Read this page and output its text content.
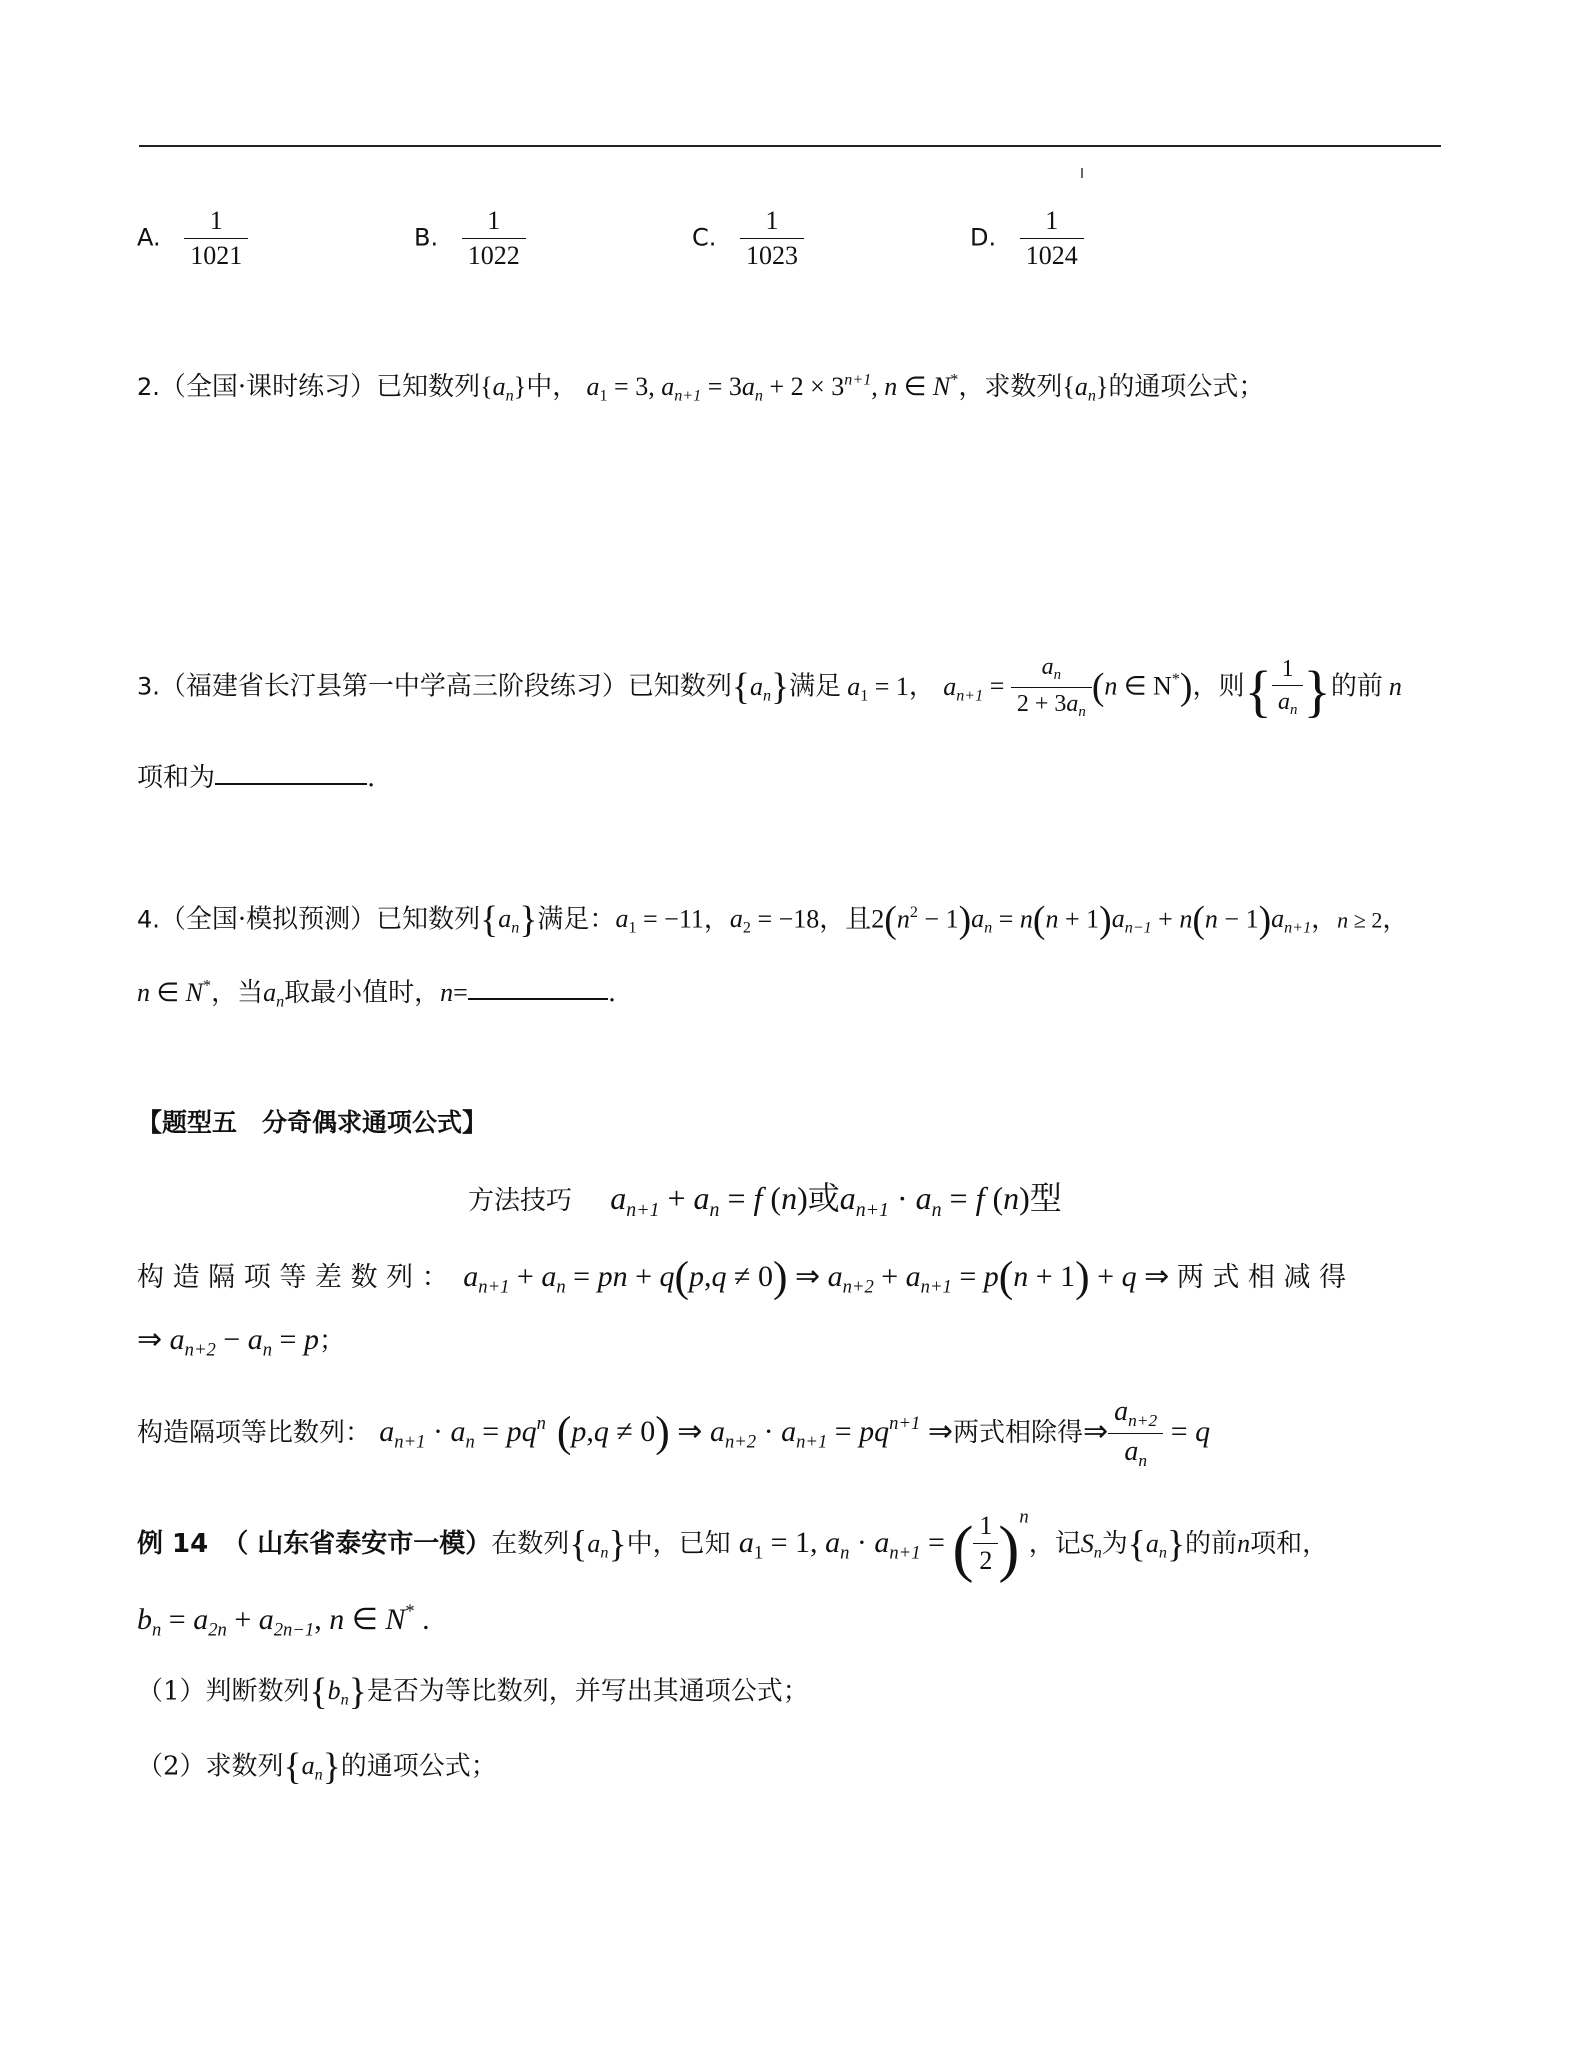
A. $\frac{1}{1021}$	B. $\frac{1}{1022}$	C. $\frac{1}{1023}$	D. $\frac{1}{1024}$
2.（全国·课时练习）已知数列$\{a_n\}$中， $a_1 = 3$, $a_{n+1} = 3a_n + 2 \times 3^{n+1}$, n ∈ N*，求数列$\{a_n\}$的通项公式；
3.（福建省长汀县第一中学高三阶段练习）已知数列$\{a_n\}$满足 $a_1 = 1$， $a_{n+1} = \frac{a_n}{2 + 3a_n} (n$ ∈ N*)，则{ $\frac{1}{a_n}$ }的前 n
项和为	.
4.（全国·模拟预测）已知数列$\{a_n\}$满足：$a_1 = -11$，$a_2 = -18$，且$2(n^2 - 1)a_n = n(n + 1)a_{n-1} + n(n - 1)a_{n+1}$，n ≥ 2，
n ∈ N*，当$a_n$取最小值时，n=	.
【题型五　分奇偶求通项公式】
方法技巧 $a_{n+1} + a_n = f$ (n)或$a_{n+1} \cdot a_n = f$ (n)型
构 造 隔 项 等 差 数 列 ： $a_{n+1} + a_n$ = pn + q(p,q ≠ 0) ⇒ $a_{n+2} + a_{n+1} = p(n + 1) + q$ ⇒ 两 式 相 减 得
⇒ $a_{n+2} - a_n = p$；
构造隔项等比数列： $a_{n+1} \cdot a_n = pq^n$ (p,q ≠ 0) ⇒ $a_{n+2} \cdot a_{n+1} = pq^{n+1}$ ⇒两式相除得⇒ $\frac{a_{n+2}}{a_n} = q$
例 14 （ 山东省泰安市一模）在数列$\{a_n\}$中，已知 $a_1 = 1$, $a_n \cdot a_{n+1}$ = ( $\frac{1}{2} )^n$，记$S_n$为$\{a_n\}$的前n项和，
$b_n = a_{2n} + a_{2n-1}$, n ∈ N* .
（1）判断数列$\{b_n\}$是否为等比数列，并写出其通项公式；
（2）求数列$\{a_n\}$的通项公式；
